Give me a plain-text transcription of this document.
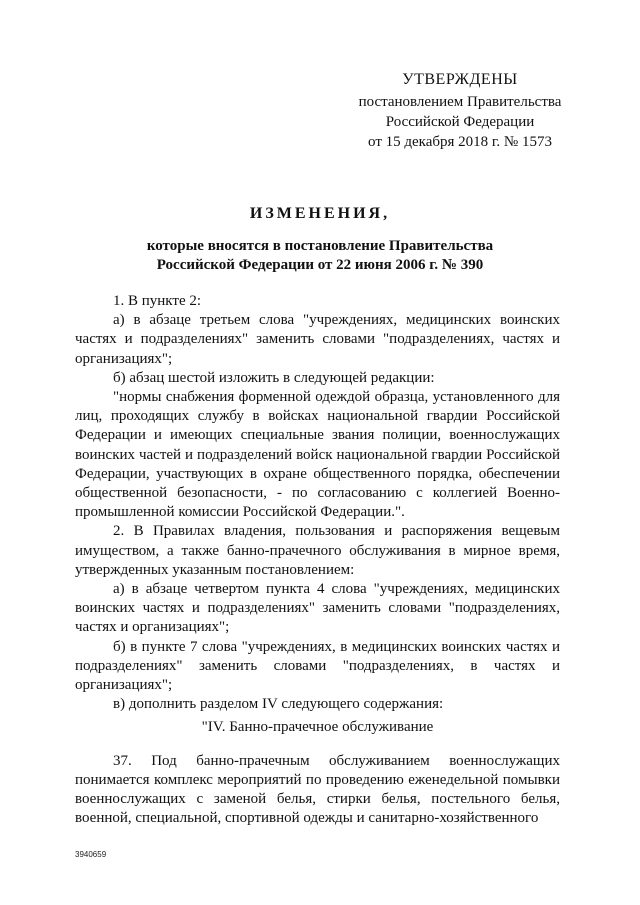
УТВЕРЖДЕНЫ
постановлением Правительства
Российской Федерации
от 15 декабря 2018 г. № 1573
ИЗМЕНЕНИЯ,
которые вносятся в постановление Правительства
Российской Федерации от 22 июня 2006 г. № 390

1. В пункте 2:

а) в абзаце третьем слова "учреждениях, медицинских воинских частях и подразделениях" заменить словами "подразделениях, частях и организациях";

б) абзац шестой изложить в следующей редакции:

"нормы снабжения форменной одеждой образца, установленного для лиц, проходящих службу в войсках национальной гвардии Российской Федерации и имеющих специальные звания полиции, военнослужащих воинских частей и подразделений войск национальной гвардии Российской Федерации, участвующих в охране общественного порядка, обеспечении общественной безопасности, - по согласованию с коллегией Военно-промышленной комиссии Российской Федерации.".

2. В Правилах владения, пользования и распоряжения вещевым имуществом, а также банно-прачечного обслуживания в мирное время, утвержденных указанным постановлением:

а) в абзаце четвертом пункта 4 слова "учреждениях, медицинских воинских частях и подразделениях" заменить словами "подразделениях, частях и организациях";

б) в пункте 7 слова "учреждениях, в медицинских воинских частях и подразделениях" заменить словами "подразделениях, в частях и организациях";

в) дополнить разделом IV следующего содержания:

"IV. Банно-прачечное обслуживание

37. Под банно-прачечным обслуживанием военнослужащих понимается комплекс мероприятий по проведению еженедельной помывки военнослужащих с заменой белья, стирки белья, постельного белья, военной, специальной, спортивной одежды и санитарно-хозяйственного

3940659
